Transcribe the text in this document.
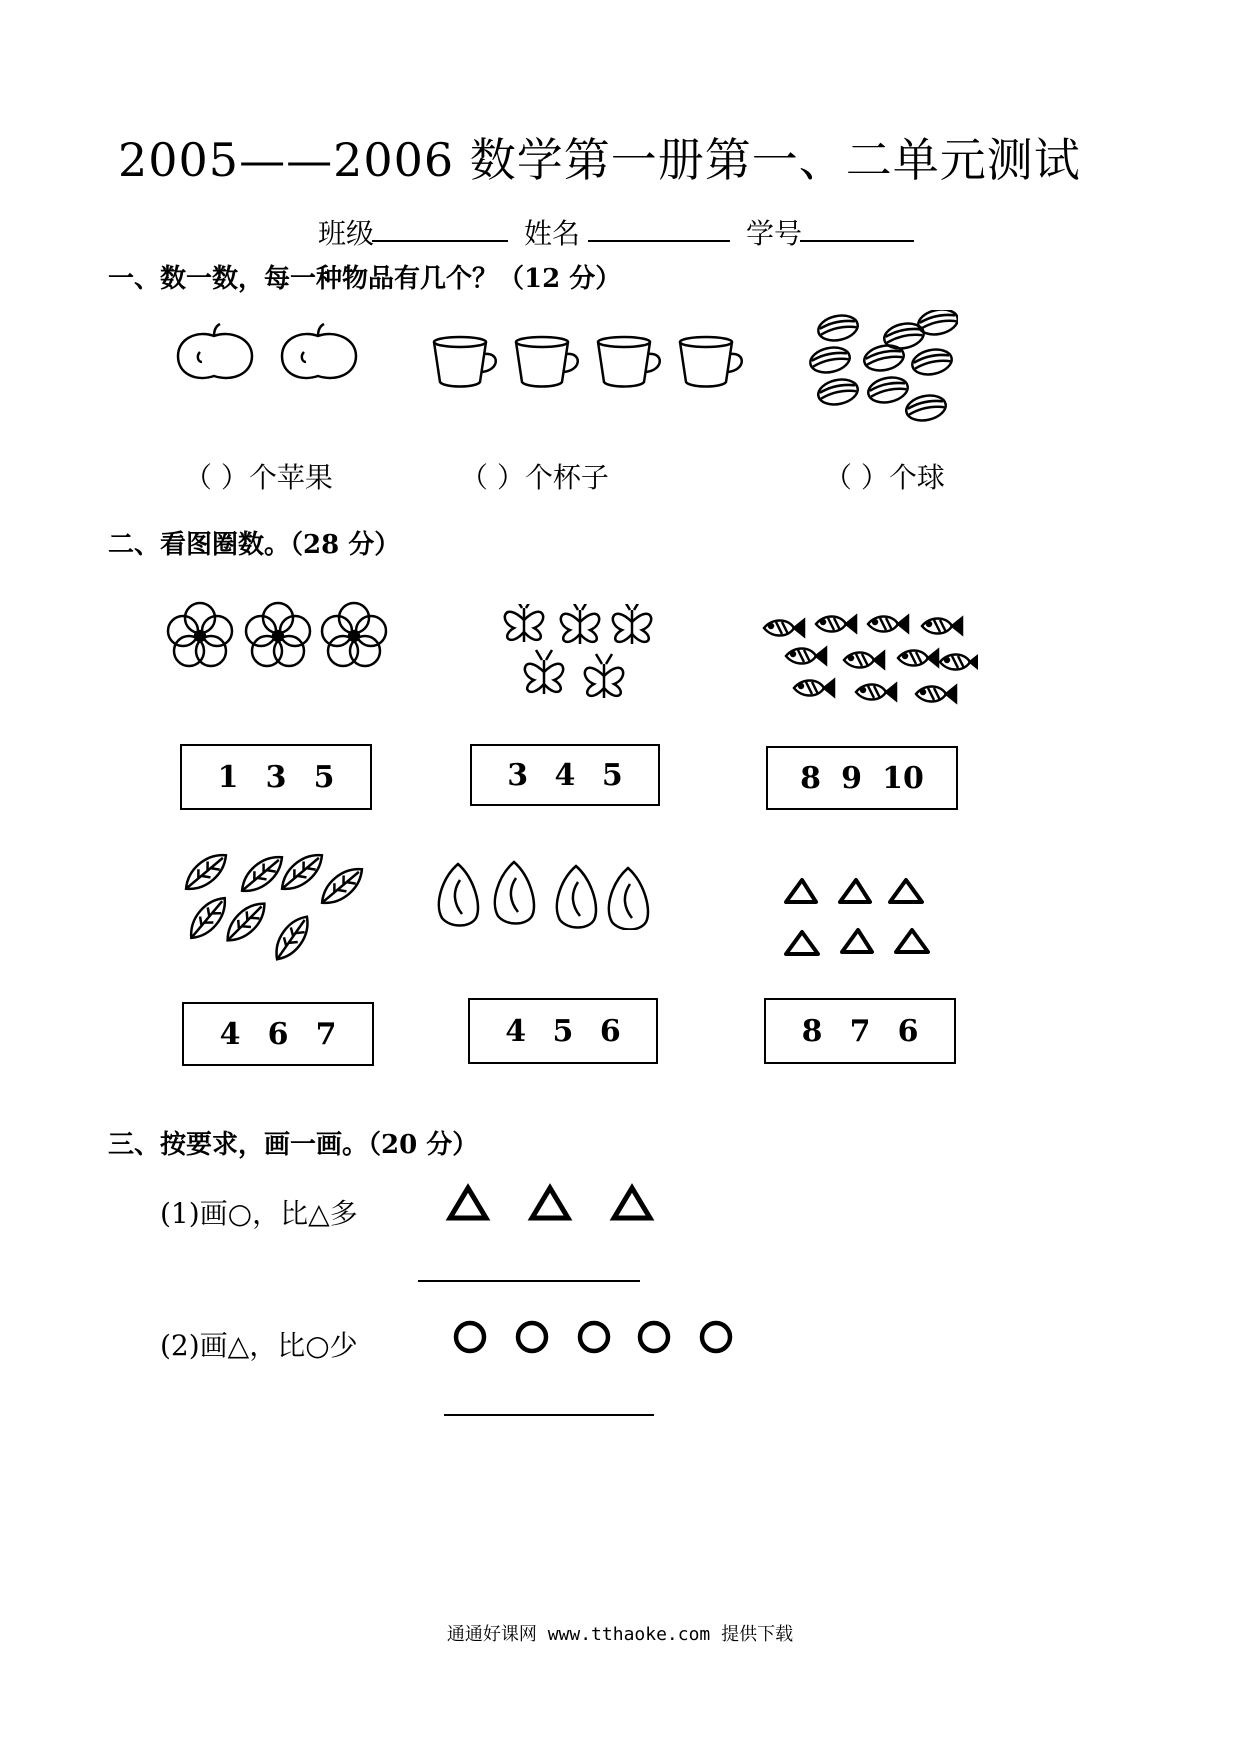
2005——2006 数学第一册第一、二单元测试
班级	姓名	学号
一、数一数，每一种物品有几个？（12 分）
（ ）个苹果	（ ）个杯子	（ ）个球
二、看图圈数。（28 分）
1 3 5	3 4 5	8 9 10
4 6 7	4 5 6	8 7 6
三、按要求，画一画。（20 分）
(1)画○，比△多
(2)画△，比○少
通通好课网 www.tthaoke.com 提供下载
